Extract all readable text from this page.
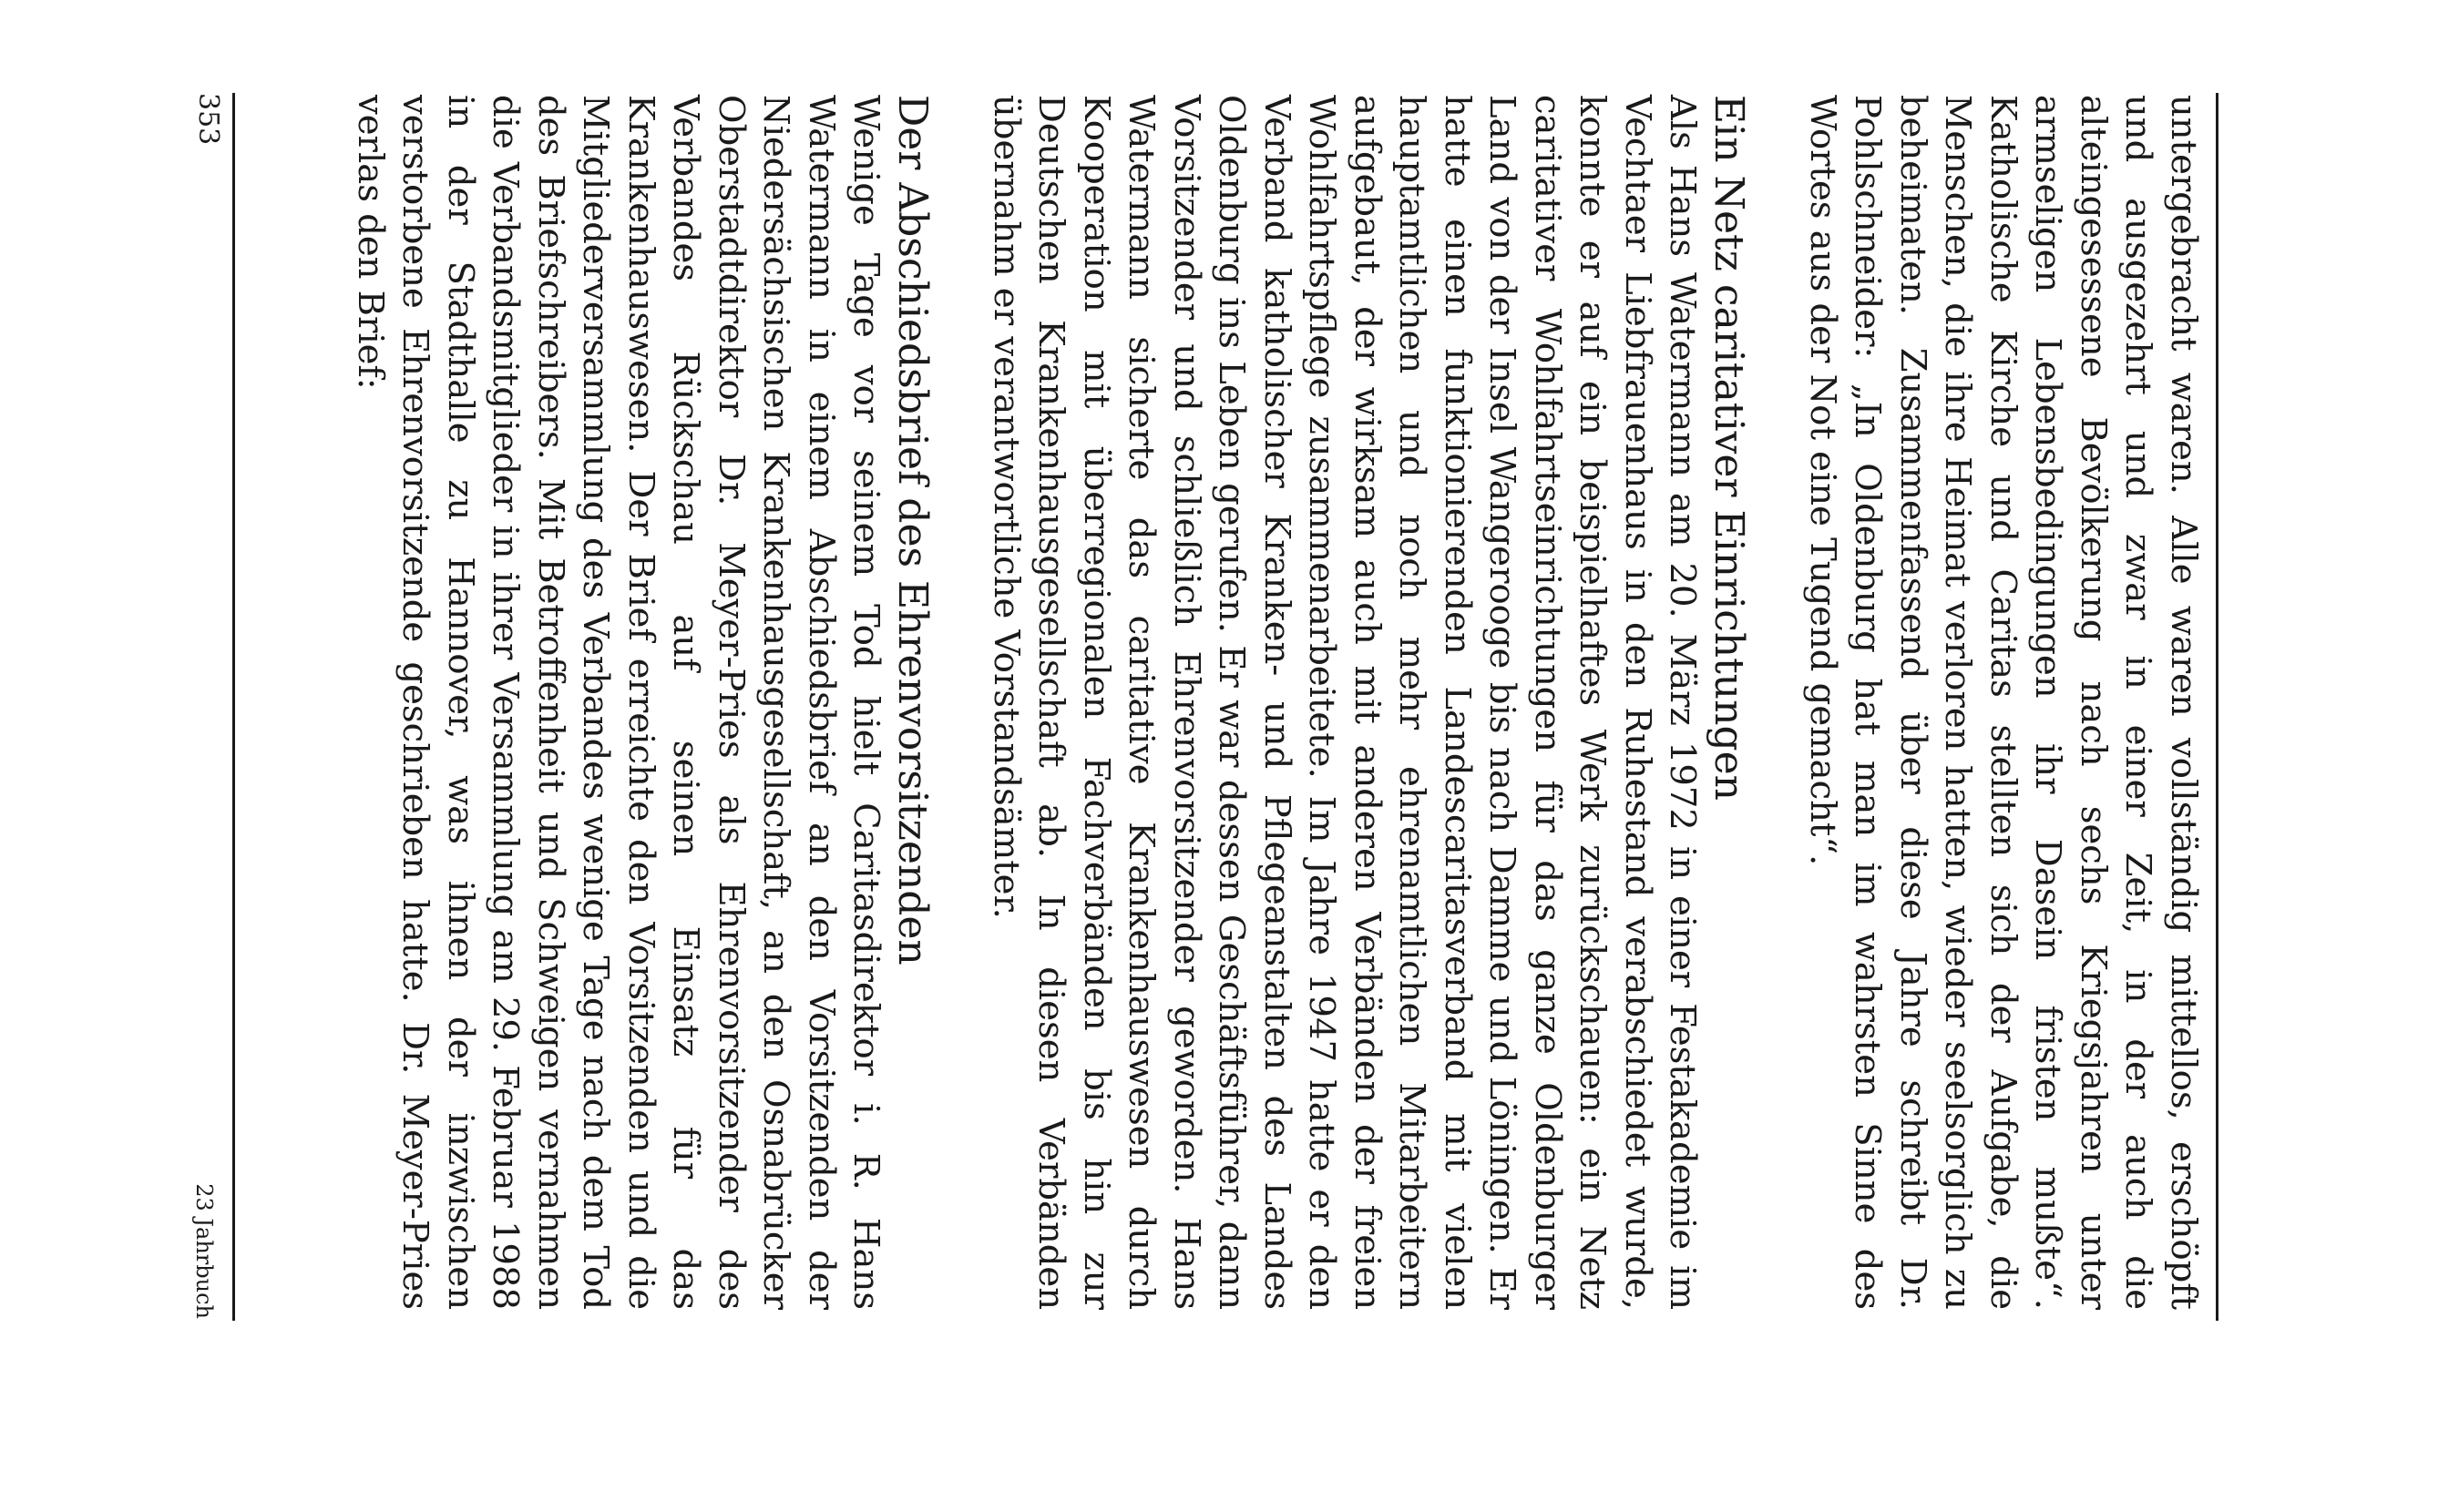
untergebracht waren. Alle waren vollständig mittellos, erschöpft und ausgezehrt und zwar in einer Zeit, in der auch die alteingesessene Bevölkerung nach sechs Kriegsjahren unter armseligen Lebensbedingungen ihr Dasein fristen mußte“. Katholische Kirche und Caritas stellten sich der Aufgabe, die Menschen, die ihre Heimat verloren hatten, wieder seelsorglich zu beheimaten. Zusammenfassend über diese Jahre schreibt Dr. Pohlschneider: „In Oldenburg hat man im wahrsten Sinne des Wortes aus der Not eine Tugend gemacht“.

Ein Netz caritativer Einrichtungen

Als Hans Watermann am 20. März 1972 in einer Festakademie im Vechtaer Liebfrauenhaus in den Ruhestand verabschiedet wurde, konnte er auf ein beispielhaftes Werk zurückschauen: ein Netz caritativer Wohlfahrtseinrichtungen für das ganze Oldenburger Land von der Insel Wangerooge bis nach Damme und Löningen. Er hatte einen funktionierenden Landescaritasverband mit vielen hauptamtlichen und noch mehr ehrenamtlichen Mitarbeitern aufgebaut, der wirksam auch mit anderen Verbänden der freien Wohlfahrtspflege zusammenarbeitete. Im Jahre 1947 hatte er den Verband katholischer Kranken- und Pflegeanstalten des Landes Oldenburg ins Leben gerufen. Er war dessen Geschäftsführer, dann Vorsitzender und schließlich Ehrenvorsitzender geworden. Hans Watermann sicherte das caritative Krankenhauswesen durch Kooperation mit überregionalen Fachverbänden bis hin zur Deutschen Krankenhausgesellschaft ab. In diesen Verbänden übernahm er verantwortliche Vorstandsämter.

Der Abschiedsbrief des Ehrenvorsitzenden

Wenige Tage vor seinem Tod hielt Caritasdirektor i. R. Hans Watermann in einem Abschiedsbrief an den Vorsitzenden der Niedersächsischen Krankenhausgesellschaft, an den Osnabrücker Oberstadtdirektor Dr. Meyer-Pries als Ehrenvorsitzender des Verbandes Rückschau auf seinen Einsatz für das Krankenhauswesen. Der Brief erreichte den Vorsitzenden und die Mitgliederversammlung des Verbandes wenige Tage nach dem Tod des Briefschreibers. Mit Betroffenheit und Schweigen vernahmen die Verbandsmitglieder in ihrer Versammlung am 29. Februar 1988 in der Stadthalle zu Hannover, was ihnen der inzwischen verstorbene Ehrenvorsitzende geschrieben hatte. Dr. Meyer-Pries verlas den Brief:

353
23 Jahrbuch
